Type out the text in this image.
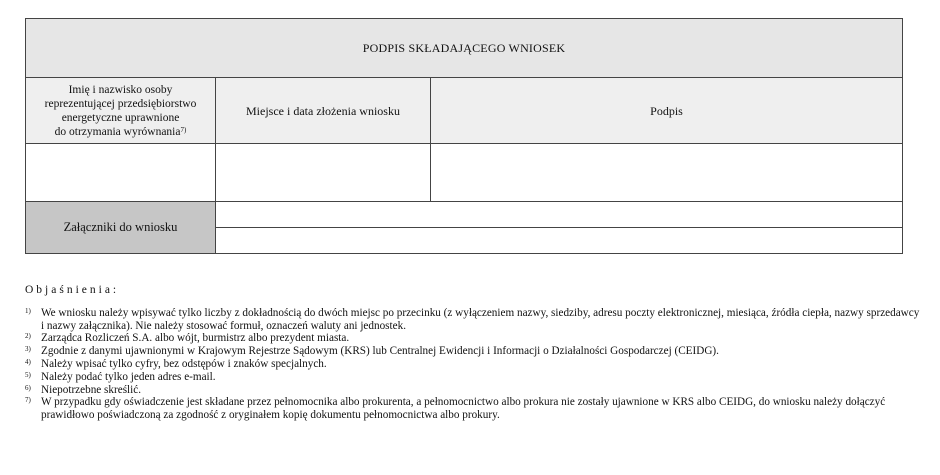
PODPIS SKŁADAJĄCEGO WNIOSEK		
Imię i nazwisko osoby
reprezentującej przedsiębiorstwo
energetyczne uprawnione
do otrzymania wyrównania$^{7)}$	Miejsce i data złożenia wniosku	Podpis

Załączniki do wniosku		

Objaśnienia:
1) We wniosku należy wpisywać tylko liczby z dokładnością do dwóch miejsc po przecinku (z wyłączeniem nazwy, siedziby, adresu poczty elektronicznej, miesiąca, źródła ciepła, nazwy sprzedawcy i nazwy załącznika). Nie należy stosować formuł, oznaczeń waluty ani jednostek.
2) Zarządca Rozliczeń S.A. albo wójt, burmistrz albo prezydent miasta.
3) Zgodnie z danymi ujawnionymi w Krajowym Rejestrze Sądowym (KRS) lub Centralnej Ewidencji i Informacji o Działalności Gospodarczej (CEIDG).
4) Należy wpisać tylko cyfry, bez odstępów i znaków specjalnych.
5) Należy podać tylko jeden adres e-mail.
6) Niepotrzebne skreślić.
7) W przypadku gdy oświadczenie jest składane przez pełnomocnika albo prokurenta, a pełnomocnictwo albo prokura nie zostały ujawnione w KRS albo CEIDG, do wniosku należy dołączyć prawidłowo poświadczoną za zgodność z oryginałem kopię dokumentu pełnomocnictwa albo prokury.
